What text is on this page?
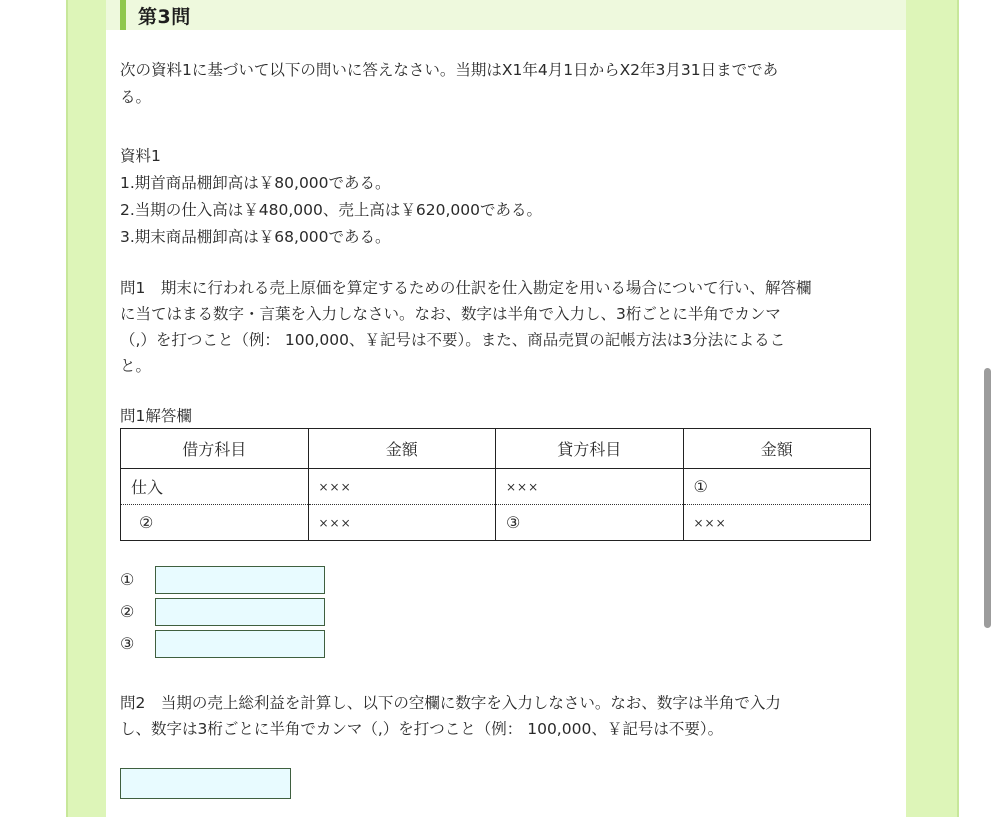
第3問
次の資料1に基づいて以下の問いに答えなさい。当期はX1年4月1日からX2年3月31日までであ
る。
資料1
1.期首商品棚卸高は￥80,000である。
2.当期の仕入高は￥480,000、売上高は￥620,000である。
3.期末商品棚卸高は￥68,000である。
問1　期末に行われる売上原価を算定するための仕訳を仕入勘定を用いる場合について行い、解答欄
に当てはまる数字・言葉を入力しなさい。なお、数字は半角で入力し、3桁ごとに半角でカンマ
（,）を打つこと（例： 100,000、￥記号は不要）。また、商品売買の記帳方法は3分法によるこ
と。
問1解答欄
借方科目	金額	貸方科目	金額
仕入	×××	×××	①
②	×××	③	×××
①
②
③
問2　当期の売上総利益を計算し、以下の空欄に数字を入力しなさい。なお、数字は半角で入力
し、数字は3桁ごとに半角でカンマ（,）を打つこと（例： 100,000、￥記号は不要）。
